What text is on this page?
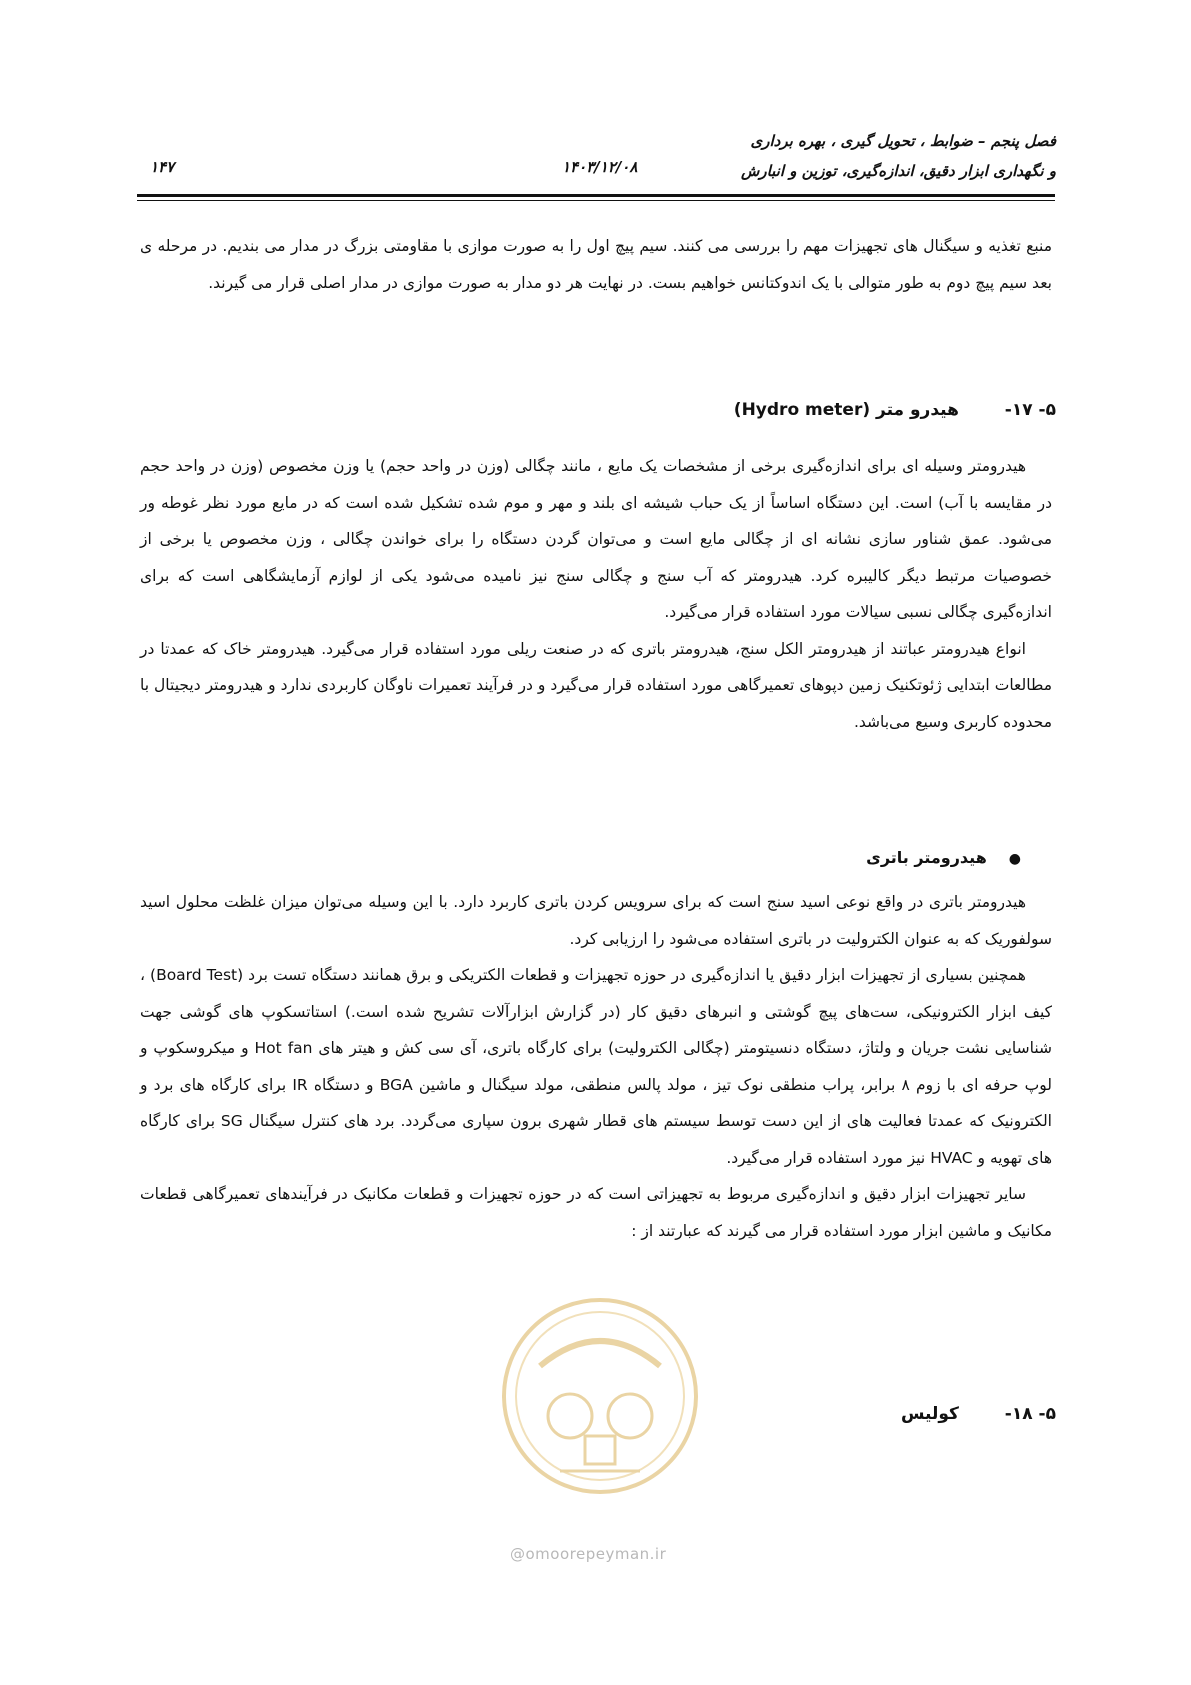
فصل پنجم – ضوابط ، تحویل گیری ، بهره برداری
و نگهداری ابزار دقیق، اندازه‌گیری، توزین و انبارش
۱۴۰۳/۱۲/۰۸
۱۴۷

منبع تغذیه و سیگنال های تجهیزات مهم را بررسی می کنند. سیم پیچ اول را به صورت موازی با مقاومتی بزرگ در مدار می بندیم. در مرحله ی بعد سیم پیچ دوم به طور متوالی با یک اندوکتانس خواهیم بست. در نهایت هر دو مدار به صورت موازی در مدار اصلی قرار می گیرند.

۵- ۱۷- هیدرو متر (Hydro meter)

هیدرومتر وسیله ای برای اندازه‌گیری برخی از مشخصات یک مایع ، مانند چگالی (وزن در واحد حجم) یا وزن مخصوص (وزن در واحد حجم در مقایسه با آب) است. این دستگاه اساساً از یک حباب شیشه ای بلند و مهر و موم شده تشکیل شده است که در مایع مورد نظر غوطه ور می‌شود. عمق شناور سازی نشانه ای از چگالی مایع است و می‌توان گردن دستگاه را برای خواندن چگالی ، وزن مخصوص یا برخی از خصوصیات مرتبط دیگر کالیبره کرد. هیدرومتر که آب سنج و چگالی سنج نیز نامیده می‌شود یکی از لوازم آزمایشگاهی است که برای اندازه‌گیری چگالی نسبی سیالات مورد استفاده قرار می‌گیرد.

انواع هیدرومتر عباتند از هیدرومتر الکل سنج، هیدرومتر باتری که در صنعت ریلی مورد استفاده قرار می‌گیرد. هیدرومتر خاک که عمدتا در مطالعات ابتدایی ژئوتکنیک زمین دپوهای تعمیرگاهی مورد استفاده قرار می‌گیرد و در فرآیند تعمیرات ناوگان کاربردی ندارد و هیدرومتر دیجیتال با محدوده کاربری وسیع می‌باشد.

●هیدرومتر باتری

هیدرومتر باتری در واقع نوعی اسید سنج است که برای سرویس کردن باتری کاربرد دارد. با این وسیله می‌توان میزان غلظت محلول اسید سولفوریک که به عنوان الکترولیت در باتری استفاده می‌شود را ارزیابی کرد.

همچنین بسیاری از تجهیزات ابزار دقیق یا اندازه‌گیری در حوزه تجهیزات و قطعات الکتریکی و برق همانند دستگاه تست برد (Board Test) ، کیف ابزار الکترونیکی، ست‌های پیچ گوشتی و انبرهای دقیق کار (در گزارش ابزارآلات تشریح شده است.) استاتسکوپ های گوشی جهت شناسایی نشت جریان و ولتاژ، دستگاه دنسیتومتر (چگالی الکترولیت) برای کارگاه باتری، آی سی کش و هیتر های Hot fan و میکروسکوپ و لوپ حرفه ای با زوم ۸ برابر، پراب منطقی نوک تیز ، مولد پالس منطقی، مولد سیگنال و ماشین BGA و دستگاه IR برای کارگاه های برد و الکترونیک که عمدتا فعالیت های از این دست توسط سیستم های قطار شهری برون سپاری می‌گردد. برد های کنترل سیگنال SG برای کارگاه های تهویه و HVAC نیز مورد استفاده قرار می‌گیرد.

سایر تجهیزات ابزار دقیق و اندازه‌گیری مربوط به تجهیزاتی است که در حوزه تجهیزات و قطعات مکانیک در فرآیندهای تعمیرگاهی قطعات مکانیک و ماشین ابزار مورد استفاده قرار می گیرند که عبارتند از :

۵- ۱۸- کولیس
@omoorepeyman.ir
